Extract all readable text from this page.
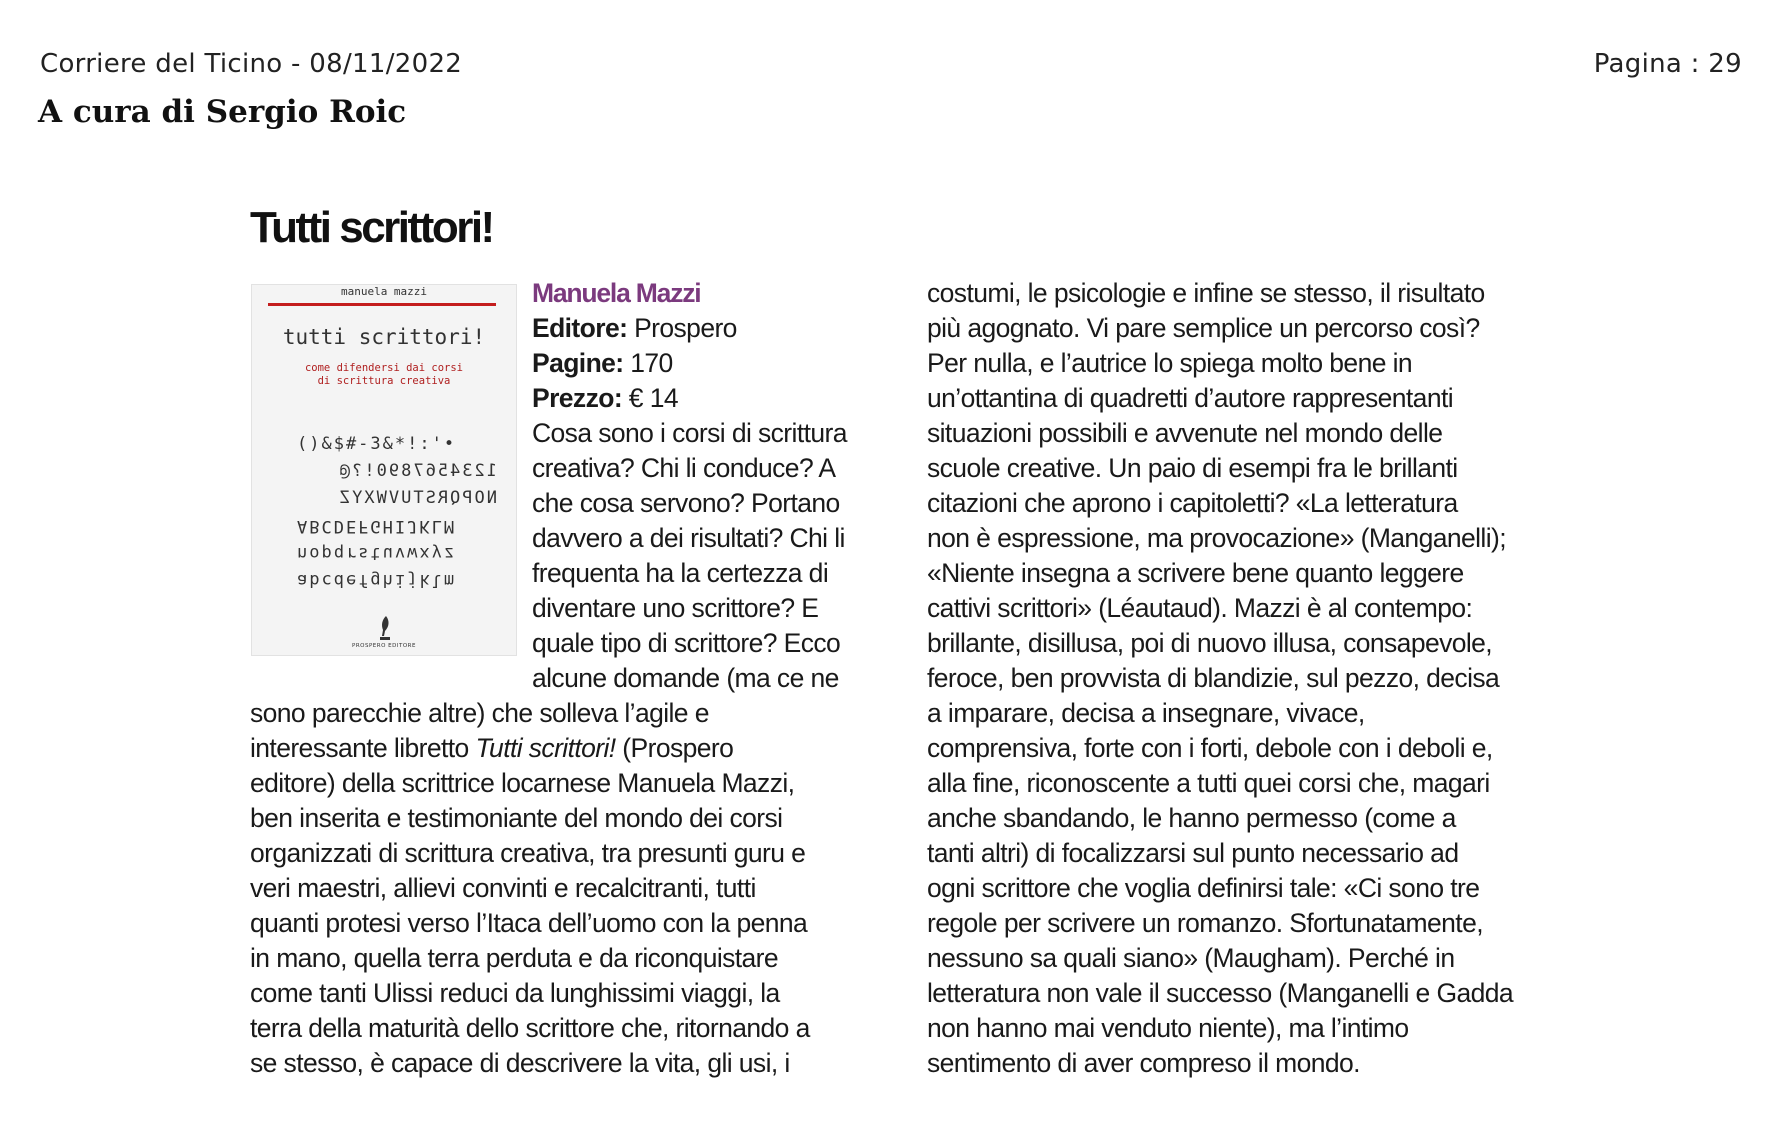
Corriere del Ticino - 08/11/2022	Pagina : 29
A cura di Sergio Roic
Tutti scrittori!
manuela mazzi
tutti scrittori!
come difendersi dai corsi
di scrittura creativa
()&$#-3&*!:'•
1234567890!?@
NOPQRSTUVWXYZ
ABCDEFGHIJKLM
nopqrstuvwxyz
abcdefghijklm
PROSPERO EDITORE
Manuela Mazzi
Editore: Prospero
Pagine: 170
Prezzo: € 14
Cosa sono i corsi di scrittura
creativa? Chi li conduce? A
che cosa servono? Portano
davvero a dei risultati? Chi li
frequenta ha la certezza di
diventare uno scrittore? E
quale tipo di scrittore? Ecco
alcune domande (ma ce ne
sono parecchie altre) che solleva l’agile e
interessante libretto Tutti scrittori! (Prospero
editore) della scrittrice locarnese Manuela Mazzi,
ben inserita e testimoniante del mondo dei corsi
organizzati di scrittura creativa, tra presunti guru e
veri maestri, allievi convinti e recalcitranti, tutti
quanti protesi verso l’Itaca dell’uomo con la penna
in mano, quella terra perduta e da riconquistare
come tanti Ulissi reduci da lunghissimi viaggi, la
terra della maturità dello scrittore che, ritornando a
se stesso, è capace di descrivere la vita, gli usi, i
costumi, le psicologie e infine se stesso, il risultato
più agognato. Vi pare semplice un percorso così?
Per nulla, e l’autrice lo spiega molto bene in
un’ottantina di quadretti d’autore rappresentanti
situazioni possibili e avvenute nel mondo delle
scuole creative. Un paio di esempi fra le brillanti
citazioni che aprono i capitoletti? «La letteratura
non è espressione, ma provocazione» (Manganelli);
«Niente insegna a scrivere bene quanto leggere
cattivi scrittori» (Léautaud). Mazzi è al contempo:
brillante, disillusa, poi di nuovo illusa, consapevole,
feroce, ben provvista di blandizie, sul pezzo, decisa
a imparare, decisa a insegnare, vivace,
comprensiva, forte con i forti, debole con i deboli e,
alla fine, riconoscente a tutti quei corsi che, magari
anche sbandando, le hanno permesso (come a
tanti altri) di focalizzarsi sul punto necessario ad
ogni scrittore che voglia definirsi tale: «Ci sono tre
regole per scrivere un romanzo. Sfortunatamente,
nessuno sa quali siano» (Maugham). Perché in
letteratura non vale il successo (Manganelli e Gadda
non hanno mai venduto niente), ma l’intimo
sentimento di aver compreso il mondo.
